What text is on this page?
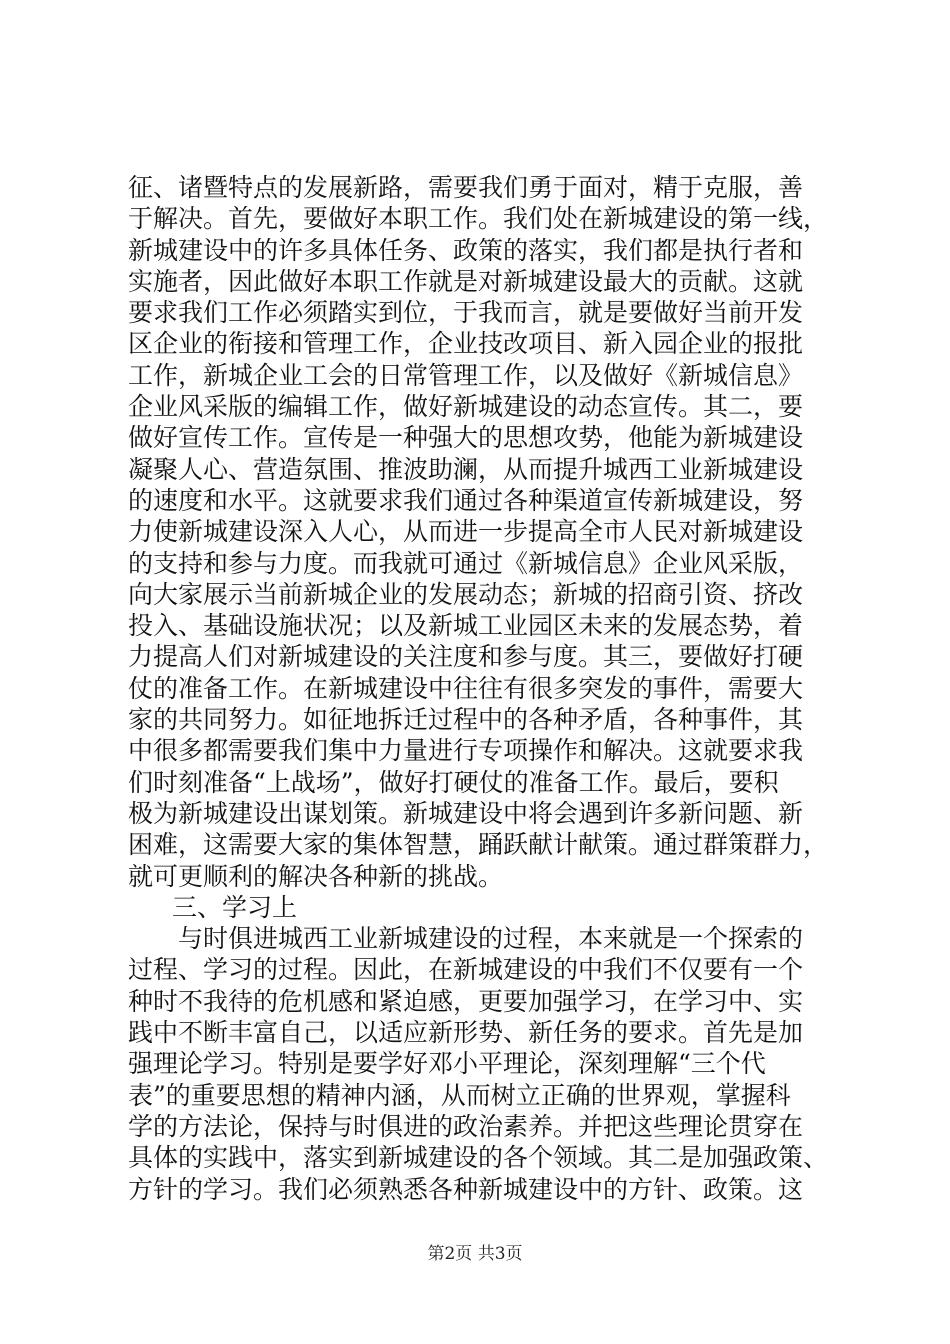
征、诸暨特点的发展新路，需要我们勇于面对，精于克服，善
于解决。首先，要做好本职工作。我们处在新城建设的第一线，
新城建设中的许多具体任务、政策的落实，我们都是执行者和
实施者，因此做好本职工作就是对新城建设最大的贡献。这就
要求我们工作必须踏实到位，于我而言，就是要做好当前开发
区企业的衔接和管理工作，企业技改项目、新入园企业的报批
工作，新城企业工会的日常管理工作，以及做好《新城信息》
企业风采版的编辑工作，做好新城建设的动态宣传。其二，要
做好宣传工作。宣传是一种强大的思想攻势，他能为新城建设
凝聚人心、营造氛围、推波助澜，从而提升城西工业新城建设
的速度和水平。这就要求我们通过各种渠道宣传新城建设，努
力使新城建设深入人心，从而进一步提高全市人民对新城建设
的支持和参与力度。而我就可通过《新城信息》企业风采版，
向大家展示当前新城企业的发展动态；新城的招商引资、挤改
投入、基础设施状况；以及新城工业园区未来的发展态势，着
力提高人们对新城建设的关注度和参与度。其三，要做好打硬
仗的准备工作。在新城建设中往往有很多突发的事件，需要大
家的共同努力。如征地拆迁过程中的各种矛盾，各种事件，其
中很多都需要我们集中力量进行专项操作和解决。这就要求我
们时刻准备“上战场”，做好打硬仗的准备工作。最后，要积
极为新城建设出谋划策。新城建设中将会遇到许多新问题、新
困难，这需要大家的集体智慧，踊跃献计献策。通过群策群力，
就可更顺利的解决各种新的挑战。
三、学习上
与时俱进城西工业新城建设的过程，本来就是一个探索的
过程、学习的过程。因此，在新城建设的中我们不仅要有一个
种时不我待的危机感和紧迫感，更要加强学习，在学习中、实
践中不断丰富自己，以适应新形势、新任务的要求。首先是加
强理论学习。特别是要学好邓小平理论，深刻理解“三个代
表”的重要思想的精神内涵，从而树立正确的世界观，掌握科
学的方法论，保持与时俱进的政治素养。并把这些理论贯穿在
具体的实践中，落实到新城建设的各个领域。其二是加强政策、
方针的学习。我们必须熟悉各种新城建设中的方针、政策。这
第2页 共3页
